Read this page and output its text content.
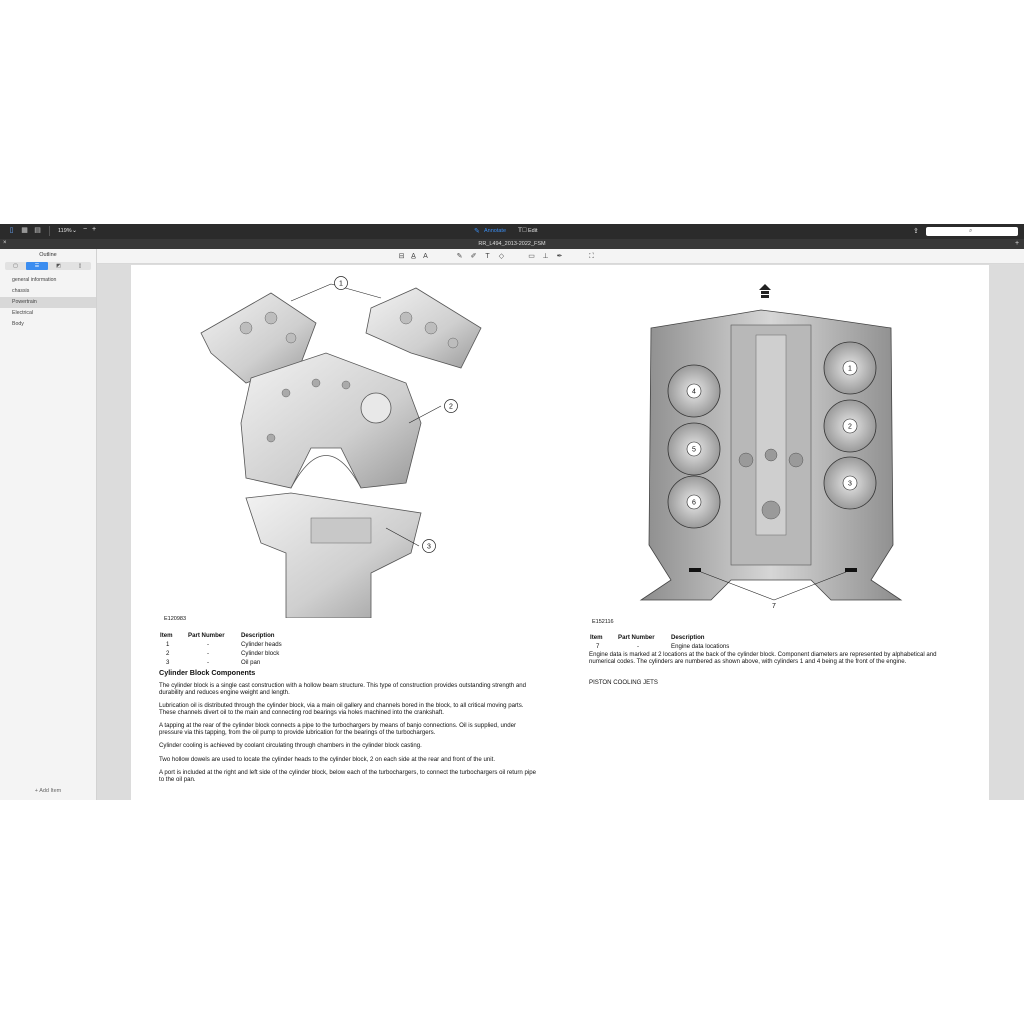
▯	▦ ▤	119% ⌄ − +	✎ Annotate T⃓ Edit	⇪	⌕
×	RR_L494_2013-2022_FSM	+
Outline
▢	☰	◩	▯
general information
chassis
Powertrain
Electrical
Body
+ Add Item
⊟ A̲	A	✎ ✐	T	◇	▭ ⊥ ✒	⛶
1
2
3
E120983
Item	Part Number	Description
1	-	Cylinder heads
2	-	Cylinder block
3	-	Oil pan
Cylinder Block Components

The cylinder block is a single cast construction with a hollow beam structure. This type of construction provides outstanding strength and durability and reduces engine weight and length.

Lubrication oil is distributed through the cylinder block, via a main oil gallery and channels bored in the block, to all critical moving parts. These channels divert oil to the main and connecting rod bearings via holes machined into the crankshaft.

A tapping at the rear of the cylinder block connects a pipe to the turbochargers by means of banjo connections. Oil is supplied, under pressure via this tapping, from the oil pump to provide lubrication for the bearings of the turbochargers.

Cylinder cooling is achieved by coolant circulating through chambers in the cylinder block casting.

Two hollow dowels are used to locate the cylinder heads to the cylinder block, 2 on each side at the rear and front of the unit.

A port is included at the right and left side of the cylinder block, below each of the turbochargers, to connect the turbochargers oil return pipe to the oil pan.

1
2
3
4
5
6
7
E152116
Item	Part Number	Description
7	-	Engine data locations
Engine data is marked at 2 locations at the back of the cylinder block. Component diameters are represented by alphabetical and numerical codes. The cylinders are numbered as shown above, with cylinders 1 and 4 being at the front of the engine.
PISTON COOLING JETS
